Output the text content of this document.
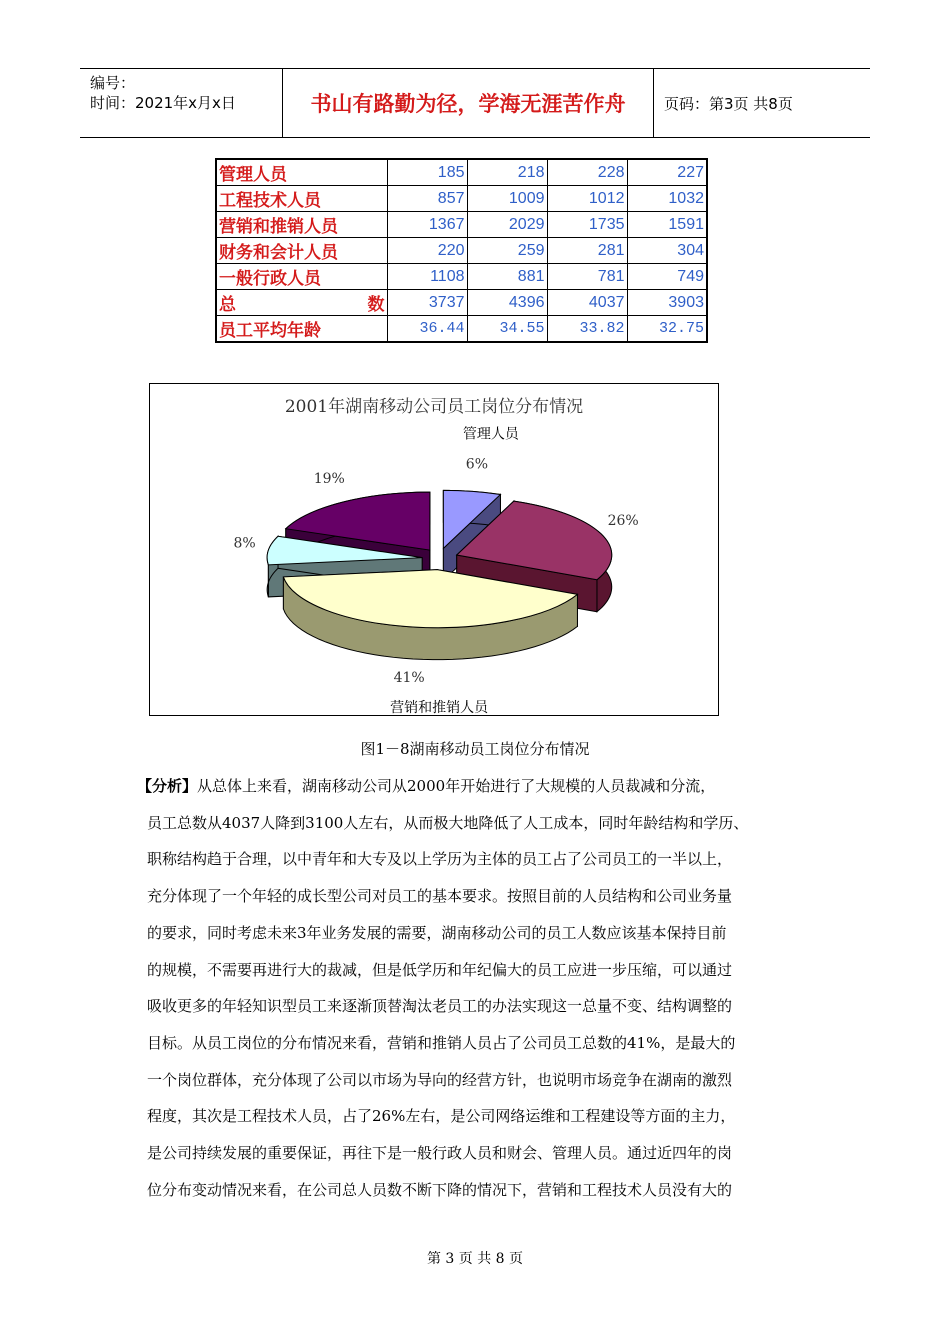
编号：
时间：2021年x月x日	书山有路勤为径，学海无涯苦作舟	页码：第3页 共8页
管理人员	185	218	228	227
工程技术人员	857	1009	1012	1032
营销和推销人员	1367	2029	1735	1591
财务和会计人员	220	259	281	304
一般行政人员	1108	881	781	749

总 数	3737	4396	4037	3903
员工平均年龄	36.44	34.55	33.82	32.75
2001年湖南移动公司员工岗位分布情况
6%
管理人员
26%
41%
营销和推销人员
8%
19%
图1－8湖南移动员工岗位分布情况
【分析】从总体上来看，湖南移动公司从2000年开始进行了大规模的人员裁减和分流，
员工总数从4037人降到3100人左右，从而极大地降低了人工成本，同时年龄结构和学历、
职称结构趋于合理，以中青年和大专及以上学历为主体的员工占了公司员工的一半以上，
充分体现了一个年轻的成长型公司对员工的基本要求。按照目前的人员结构和公司业务量
的要求，同时考虑未来3年业务发展的需要，湖南移动公司的员工人数应该基本保持目前
的规模，不需要再进行大的裁减，但是低学历和年纪偏大的员工应进一步压缩，可以通过
吸收更多的年轻知识型员工来逐渐顶替淘汰老员工的办法实现这一总量不变、结构调整的
目标。从员工岗位的分布情况来看，营销和推销人员占了公司员工总数的41%，是最大的
一个岗位群体，充分体现了公司以市场为导向的经营方针，也说明市场竞争在湖南的激烈
程度，其次是工程技术人员，占了26%左右，是公司网络运维和工程建设等方面的主力，
是公司持续发展的重要保证，再往下是一般行政人员和财会、管理人员。通过近四年的岗
位分布变动情况来看，在公司总人员数不断下降的情况下，营销和工程技术人员没有大的
第 3 页 共 8 页
